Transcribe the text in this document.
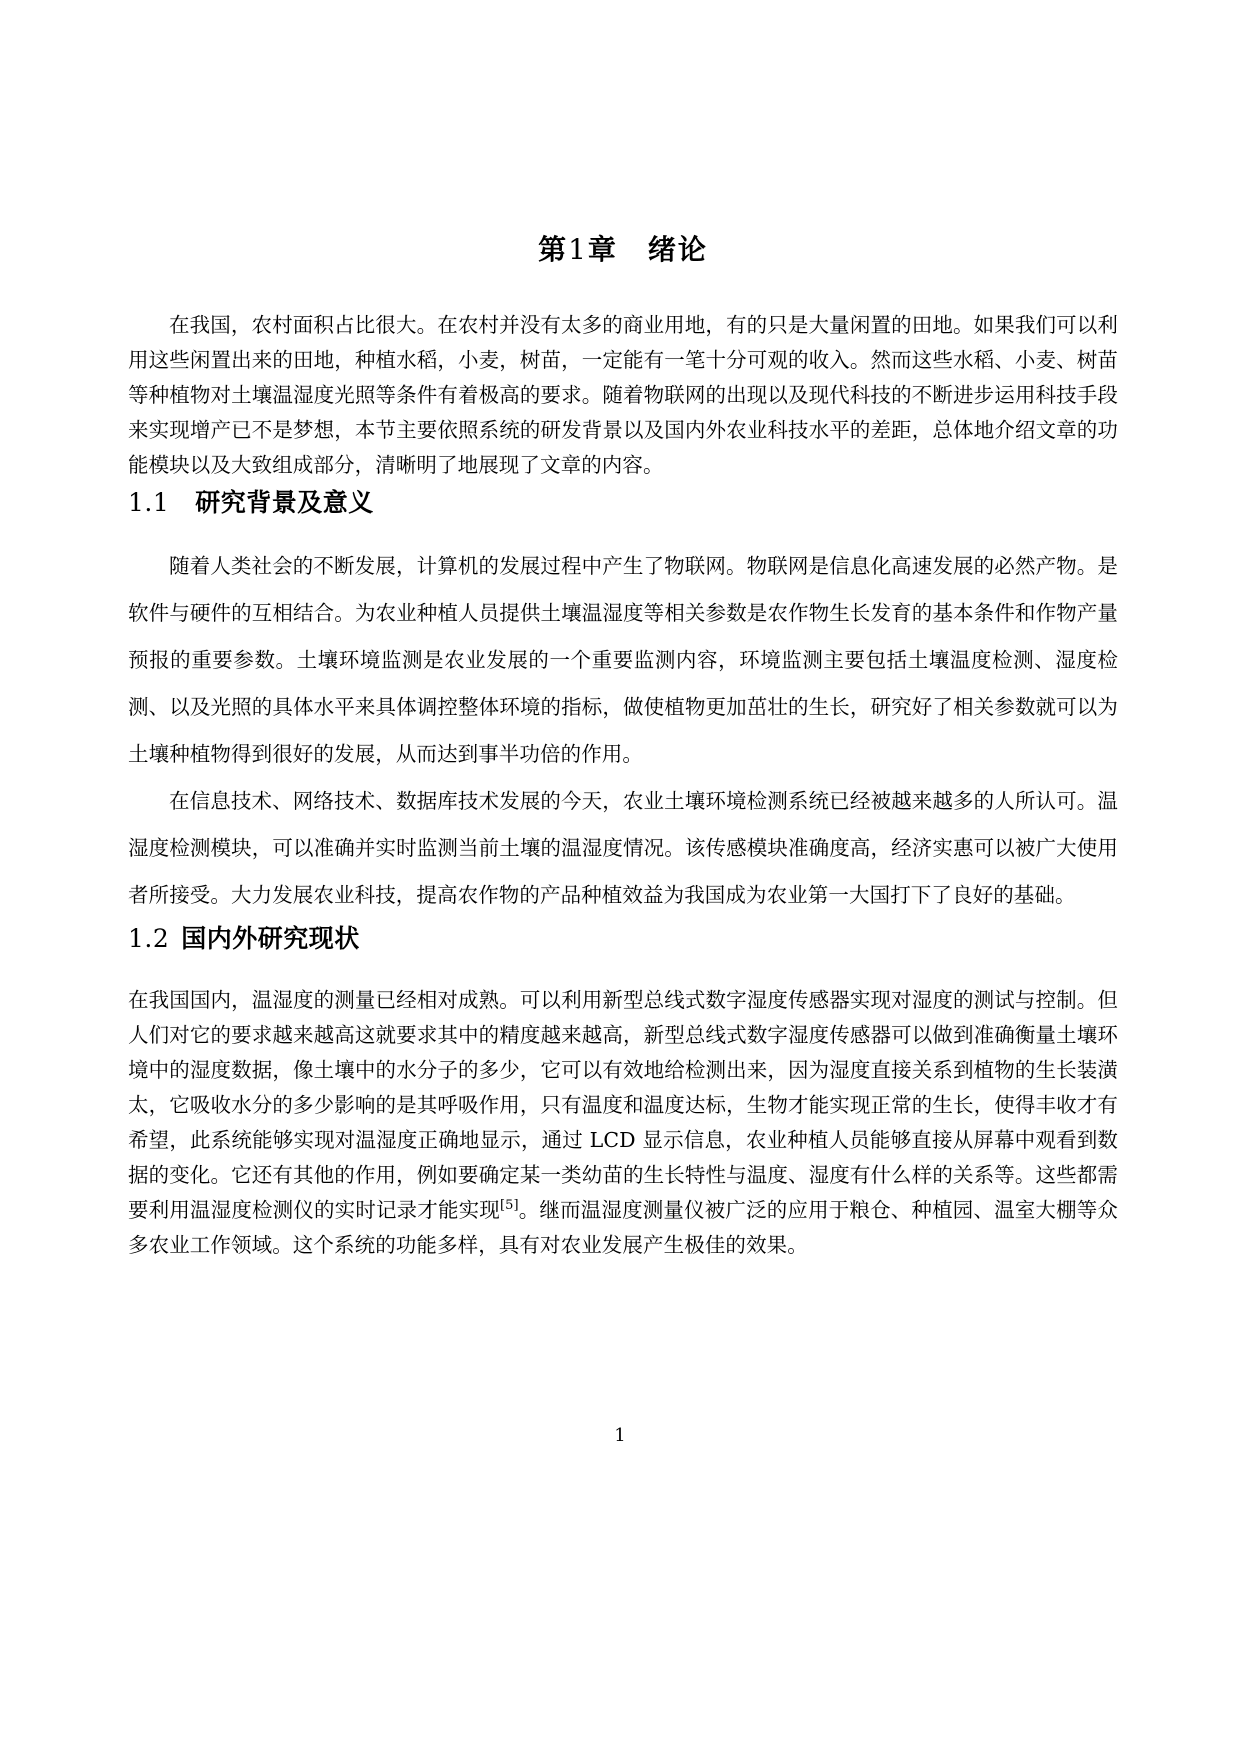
第1章 绪论

在我国，农村面积占比很大。在农村并没有太多的商业用地，有的只是大量闲置的田地。如果我们可以利用这些闲置出来的田地，种植水稻，小麦，树苗，一定能有一笔十分可观的收入。然而这些水稻、小麦、树苗等种植物对土壤温湿度光照等条件有着极高的要求。随着物联网的出现以及现代科技的不断进步运用科技手段来实现增产已不是梦想，本节主要依照系统的研发背景以及国内外农业科技水平的差距，总体地介绍文章的功能模块以及大致组成部分，清晰明了地展现了文章的内容。

1.1 研究背景及意义

随着人类社会的不断发展，计算机的发展过程中产生了物联网。物联网是信息化高速发展的必然产物。是软件与硬件的互相结合。为农业种植人员提供土壤温湿度等相关参数是农作物生长发育的基本条件和作物产量预报的重要参数。土壤环境监测是农业发展的一个重要监测内容，环境监测主要包括土壤温度检测、湿度检测、以及光照的具体水平来具体调控整体环境的指标，做使植物更加茁壮的生长，研究好了相关参数就可以为土壤种植物得到很好的发展，从而达到事半功倍的作用。

在信息技术、网络技术、数据库技术发展的今天，农业土壤环境检测系统已经被越来越多的人所认可。温湿度检测模块，可以准确并实时监测当前土壤的温湿度情况。该传感模块准确度高，经济实惠可以被广大使用者所接受。大力发展农业科技，提高农作物的产品种植效益为我国成为农业第一大国打下了良好的基础。

1.2 国内外研究现状

在我国国内，温湿度的测量已经相对成熟。可以利用新型总线式数字湿度传感器实现对湿度的测试与控制。但人们对它的要求越来越高这就要求其中的精度越来越高，新型总线式数字湿度传感器可以做到准确衡量土壤环境中的湿度数据，像土壤中的水分子的多少，它可以有效地给检测出来，因为湿度直接关系到植物的生长装潢太，它吸收水分的多少影响的是其呼吸作用，只有温度和温度达标，生物才能实现正常的生长，使得丰收才有希望，此系统能够实现对温湿度正确地显示，通过 LCD 显示信息，农业种植人员能够直接从屏幕中观看到数据的变化。它还有其他的作用，例如要确定某一类幼苗的生长特性与温度、湿度有什么样的关系等。这些都需要利用温湿度检测仪的实时记录才能实现[5]。继而温湿度测量仪被广泛的应用于粮仓、种植园、温室大棚等众多农业工作领域。这个系统的功能多样，具有对农业发展产生极佳的效果。

1
